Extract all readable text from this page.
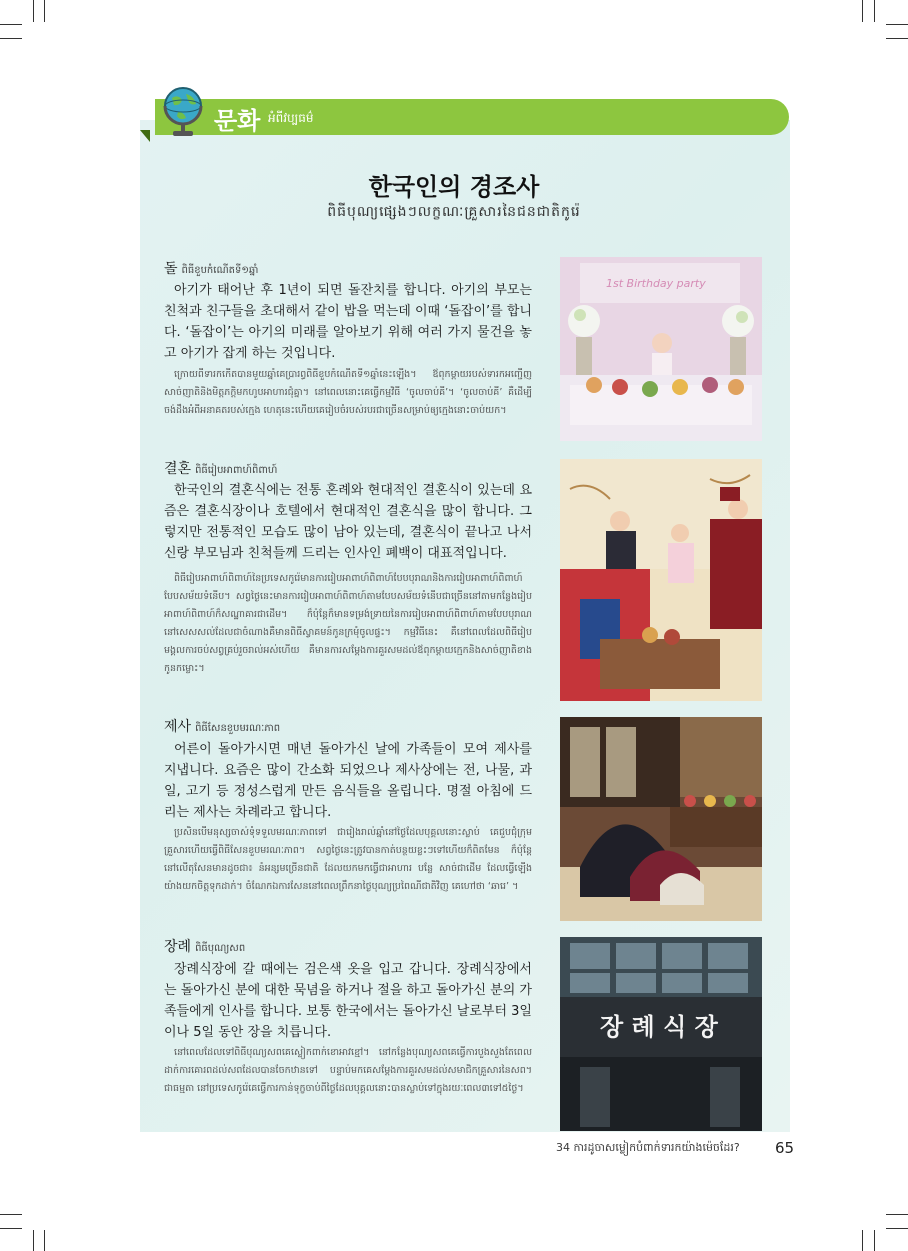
문화 អំពីវប្បធម៌
한국인의 경조사
ពិធីបុណ្យផ្សេងៗលក្ខណៈគ្រួសារនៃជនជាតិកូរ៉េ
돌 ពិធីខួបកំណើតទី១ឆ្នាំ

아기가 태어난 후 1년이 되면 돌잔치를 합니다. 아기의 부모는 친척과 친구들을 초대해서 같이 밥을 먹는데 이때 ‘돌잡이’를 합니다. ‘돌잡이’는 아기의 미래를 알아보기 위해 여러 가지 물건을 놓고 아기가 잡게 하는 것입니다.

ក្រោយពីទារកកើតបានមួយឆ្នាំគេប្រារព្ធពិធីខួបកំណើតទី១ឆ្នាំនេះឡើង។ ឪពុកម្ដាយរបស់ទារកអញ្ជើញសាច់ញាតិនិងមិត្តភក្តិមកហូបអាហារជុំគ្នា។ នៅពេលនោះគេធ្វើកម្មវិធី ‘ចូលចាប់គី’។ ‘ចូលចាប់គី’ គឺដើម្បីចង់ដឹងអំពីអនាគតរបស់ក្មេង ហេតុនេះហើយគេរៀបចំរបស់របរជាច្រើនសម្រាប់ឲ្យក្មេងនោះចាប់យក។

1st Birthday party
결혼 ពិធីរៀបអាពាហ៍ពិពាហ៍

한국인의 결혼식에는 전통 혼례와 현대적인 결혼식이 있는데 요즘은 결혼식장이나 호텔에서 현대적인 결혼식을 많이 합니다. 그렇지만 전통적인 모습도 많이 남아 있는데, 결혼식이 끝나고 나서 신랑 부모님과 친척들께 드리는 인사인 폐백이 대표적입니다.

ពិធីរៀបអាពាហ៍ពិពាហ៍នៃប្រទេសកូរ៉េមានការរៀបអាពាហ៍ពិពាហ៍បែបបុរាណនិងការរៀបអាពាហ៍ពិពាហ៍បែបសម័យទំនើប។ សព្វថ្ងៃនេះមានការរៀបអាពាហ៍ពិពាហ៍តាមបែបសម័យទំនើបជាច្រើននៅតាមកន្លែងរៀបអាពាហ៍ពិពាហ៍ក៏សណ្ឋាគារជាដើម។ ក៏ប៉ុន្តែក៏មានទម្រង់ទ្រាយនៃការរៀបអាពាហ៍ពិពាហ៍តាមបែបបុរាណនៅសេសសល់ដែលជាចំណាងគឺមានពិធីស្វាគមន៍កូនក្រមុំចូលផ្ទះ។ កម្មវិធីនេះ គឺនៅពេលដែលពិធីរៀបមង្គលការចប់សព្វគ្រប់រួចរាល់អស់ហើយ គឺមានការសម្ដែងការគួរសមដល់ឪពុកម្ដាយក្មេកនិងសាច់ញាតិខាងកូនកម្លោះ។

제사 ពិធីសែនខួបមរណៈភាព

어른이 돌아가시면 매년 돌아가신 날에 가족들이 모여 제사를 지냅니다. 요즘은 많이 간소화 되었으나 제사상에는 전, 나물, 과일, 고기 등 정성스럽게 만든 음식들을 올립니다. 명절 아침에 드리는 제사는 차례라고 합니다.

ប្រសិនបើមនុស្សចាស់ទុំទទួលមរណៈភាពទៅ ជារៀងរាល់ឆ្នាំនៅថ្ងៃដែលបុគ្គលនោះស្លាប់ គេជួបជុំក្រុមគ្រួសារហើយធ្វើពិធីសែនខួបមរណៈភាព។ សព្វថ្ងៃនេះត្រូវបានកាត់បន្ថយខ្លះៗទៅហើយក៏ពិតមែន ក៏ប៉ុន្តែនៅលើតុសែនមានដូចជា៖ នំអន្សមច្រើនជាតិ ដែលយកមកធ្វើជាអាហារ បន្លែ សាច់ជាដើម ដែលធ្វើឡើងយ៉ាងយកចិត្តទុកដាក់។ ចំណែកឯការសែននៅពេលព្រឹកនាថ្ងៃបុណ្យប្រពៃណីជាតិវិញ គេហៅថា ‘ឆារេ’ ។

장례 ពិធីបុណ្យសព

장례식장에 갈 때에는 검은색 옷을 입고 갑니다. 장례식장에서는 돌아가신 분에 대한 묵념을 하거나 절을 하고 돌아가신 분의 가족들에게 인사를 합니다. 보통 한국에서는 돌아가신 날로부터 3일이나 5일 동안 장을 치릅니다.

នៅពេលដែលទៅពិធីបុណ្យសពគេស្លៀកពាក់ខោអាវខ្មៅ។ នៅកន្លែងបុណ្យសពគេធ្វើការបួងសួងតែពេលដាក់ការគោរពដល់សពដែលបានចែកឋានទៅ បន្ទាប់មកគេសម្ដែងការគួរសមដល់សមាជិកគ្រួសារនៃសព។ ជាធម្មតា នៅប្រទេសកូរ៉េគេធ្វើការកាន់ទុក្ខចាប់ពីថ្ងៃដែលបុគ្គលនោះបានស្លាប់ទៅក្នុងរយៈពេល៣ទៅ៥ថ្ងៃ។

장 례 식 장
34 ការដូចាសម្លៀកបំពាក់ទារកយ៉ាងម៉េចដែរ? 65
